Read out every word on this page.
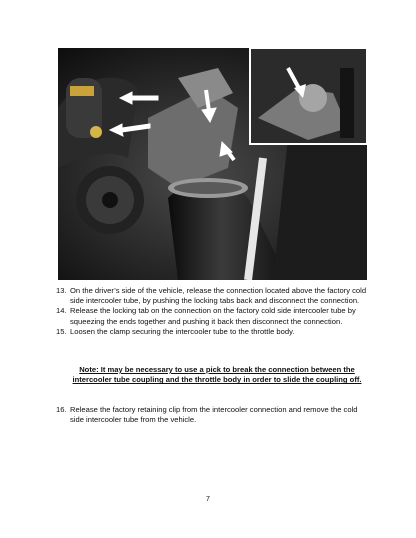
13. On the driver’s side of the vehicle, release the connection located above the factory cold side intercooler tube, by pushing the locking tabs back and disconnect the connection.
14. Release the locking tab on the connection on the factory cold side intercooler tube by squeezing the ends together and pushing it back then disconnect the connection.
15. Loosen the clamp securing the intercooler tube to the throttle body.
Note: It may be necessary to use a pick to break the connection between the intercooler tube coupling and the throttle body in order to slide the coupling off.
16. Release the factory retaining clip from the intercooler connection and remove the cold side intercooler tube from the vehicle.
7
